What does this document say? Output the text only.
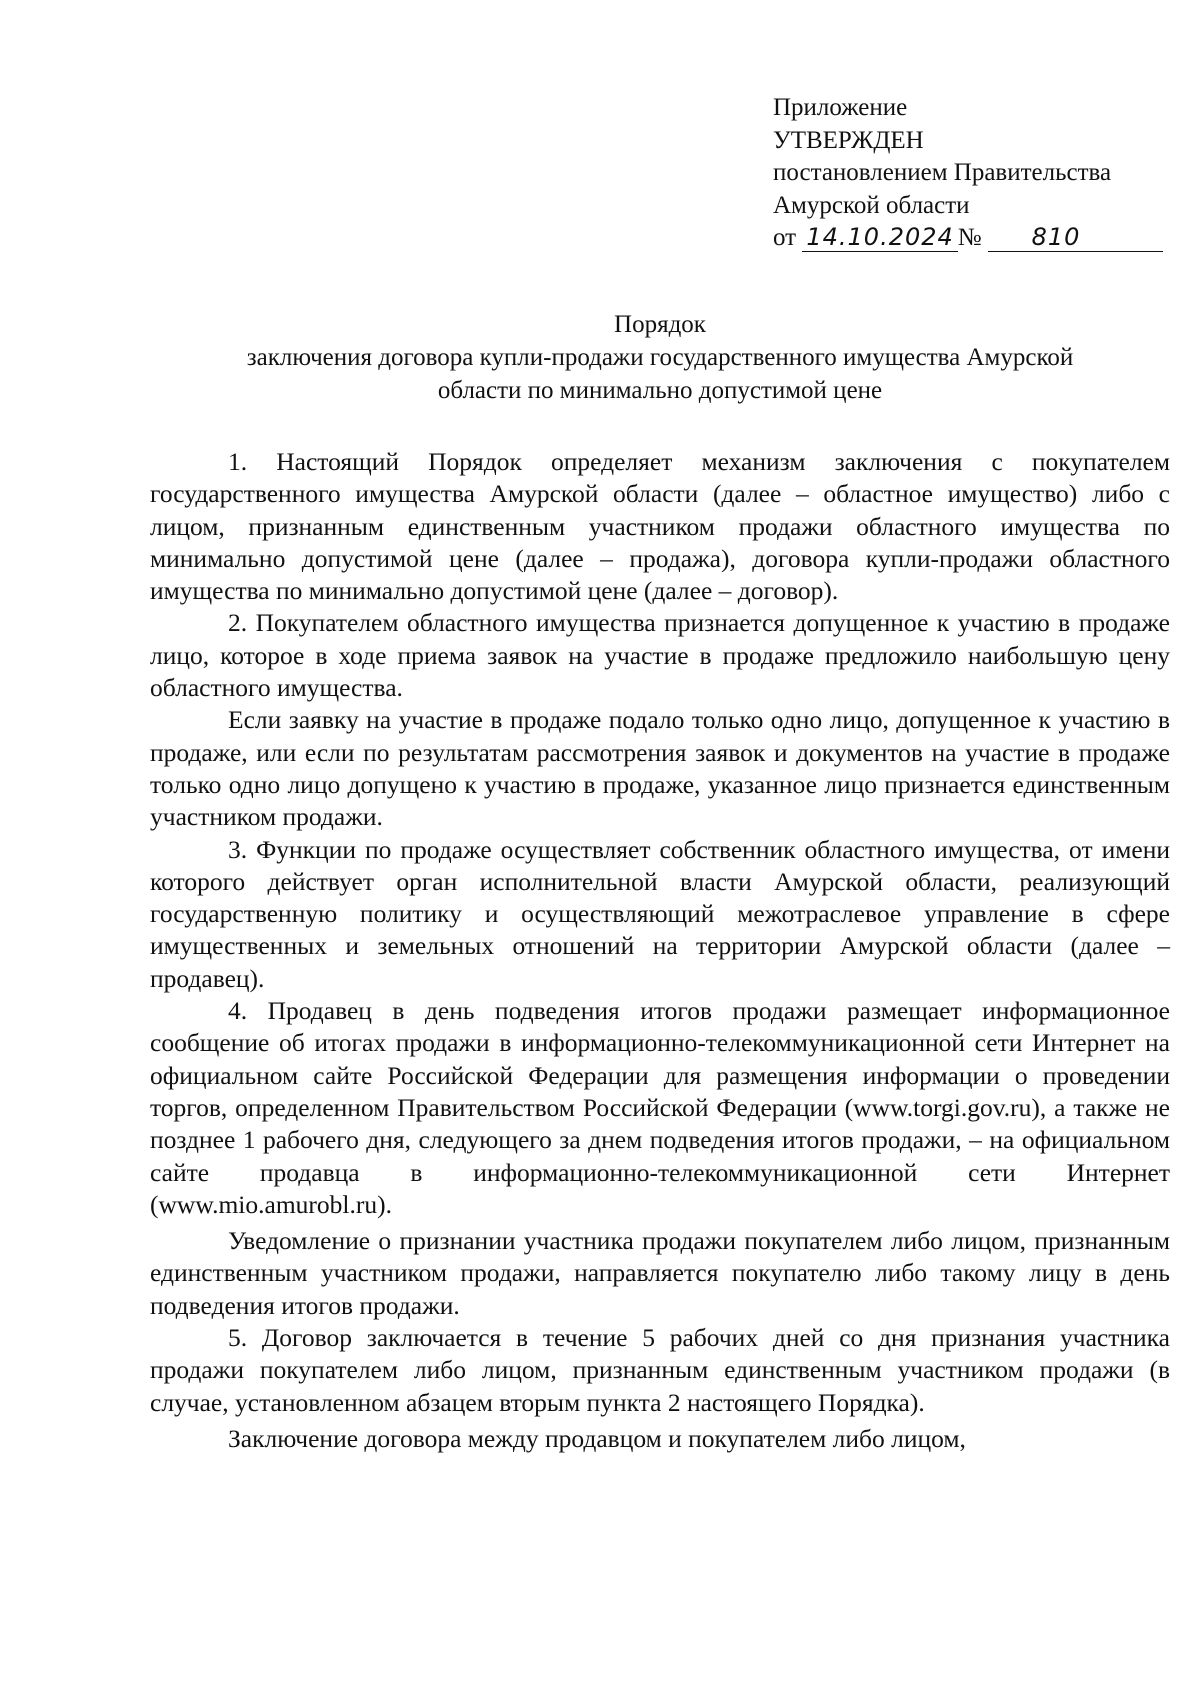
Приложение
УТВЕРЖДЕН
постановлением Правительства
Амурской области
от 14.10.2024 № 810
Порядок
заключения договора купли-продажи государственного имущества Амурской
области по минимально допустимой цене

1. Настоящий Порядок определяет механизм заключения с покупателем государственного имущества Амурской области (далее – областное имущество) либо с лицом, признанным единственным участником продажи областного имущества по минимально допустимой цене (далее – продажа), договора купли-продажи областного имущества по минимально допустимой цене (далее – договор).

2. Покупателем областного имущества признается допущенное к участию в продаже лицо, которое в ходе приема заявок на участие в продаже предложило наибольшую цену областного имущества.

Если заявку на участие в продаже подало только одно лицо, допущенное к участию в продаже, или если по результатам рассмотрения заявок и документов на участие в продаже только одно лицо допущено к участию в продаже, указанное лицо признается единственным участником продажи.

3. Функции по продаже осуществляет собственник областного имущества, от имени которого действует орган исполнительной власти Амурской области, реализующий государственную политику и осуществляющий межотраслевое управление в сфере имущественных и земельных отношений на территории Амурской области (далее – продавец).

4. Продавец в день подведения итогов продажи размещает информационное сообщение об итогах продажи в информационно-телекоммуникационной сети Интернет на официальном сайте Российской Федерации для размещения информации о проведении торгов, определенном Правительством Российской Федерации (www.torgi.gov.ru), а также не позднее 1 рабочего дня, следующего за днем подведения итогов продажи, – на официальном сайте продавца в информационно-телекоммуникационной сети Интернет (www.mio.amurobl.ru).

Уведомление о признании участника продажи покупателем либо лицом, признанным единственным участником продажи, направляется покупателю либо такому лицу в день подведения итогов продажи.

5. Договор заключается в течение 5 рабочих дней со дня признания участника продажи покупателем либо лицом, признанным единственным участником продажи (в случае, установленном абзацем вторым пункта 2 настоящего Порядка).

Заключение договора между продавцом и покупателем либо лицом,
